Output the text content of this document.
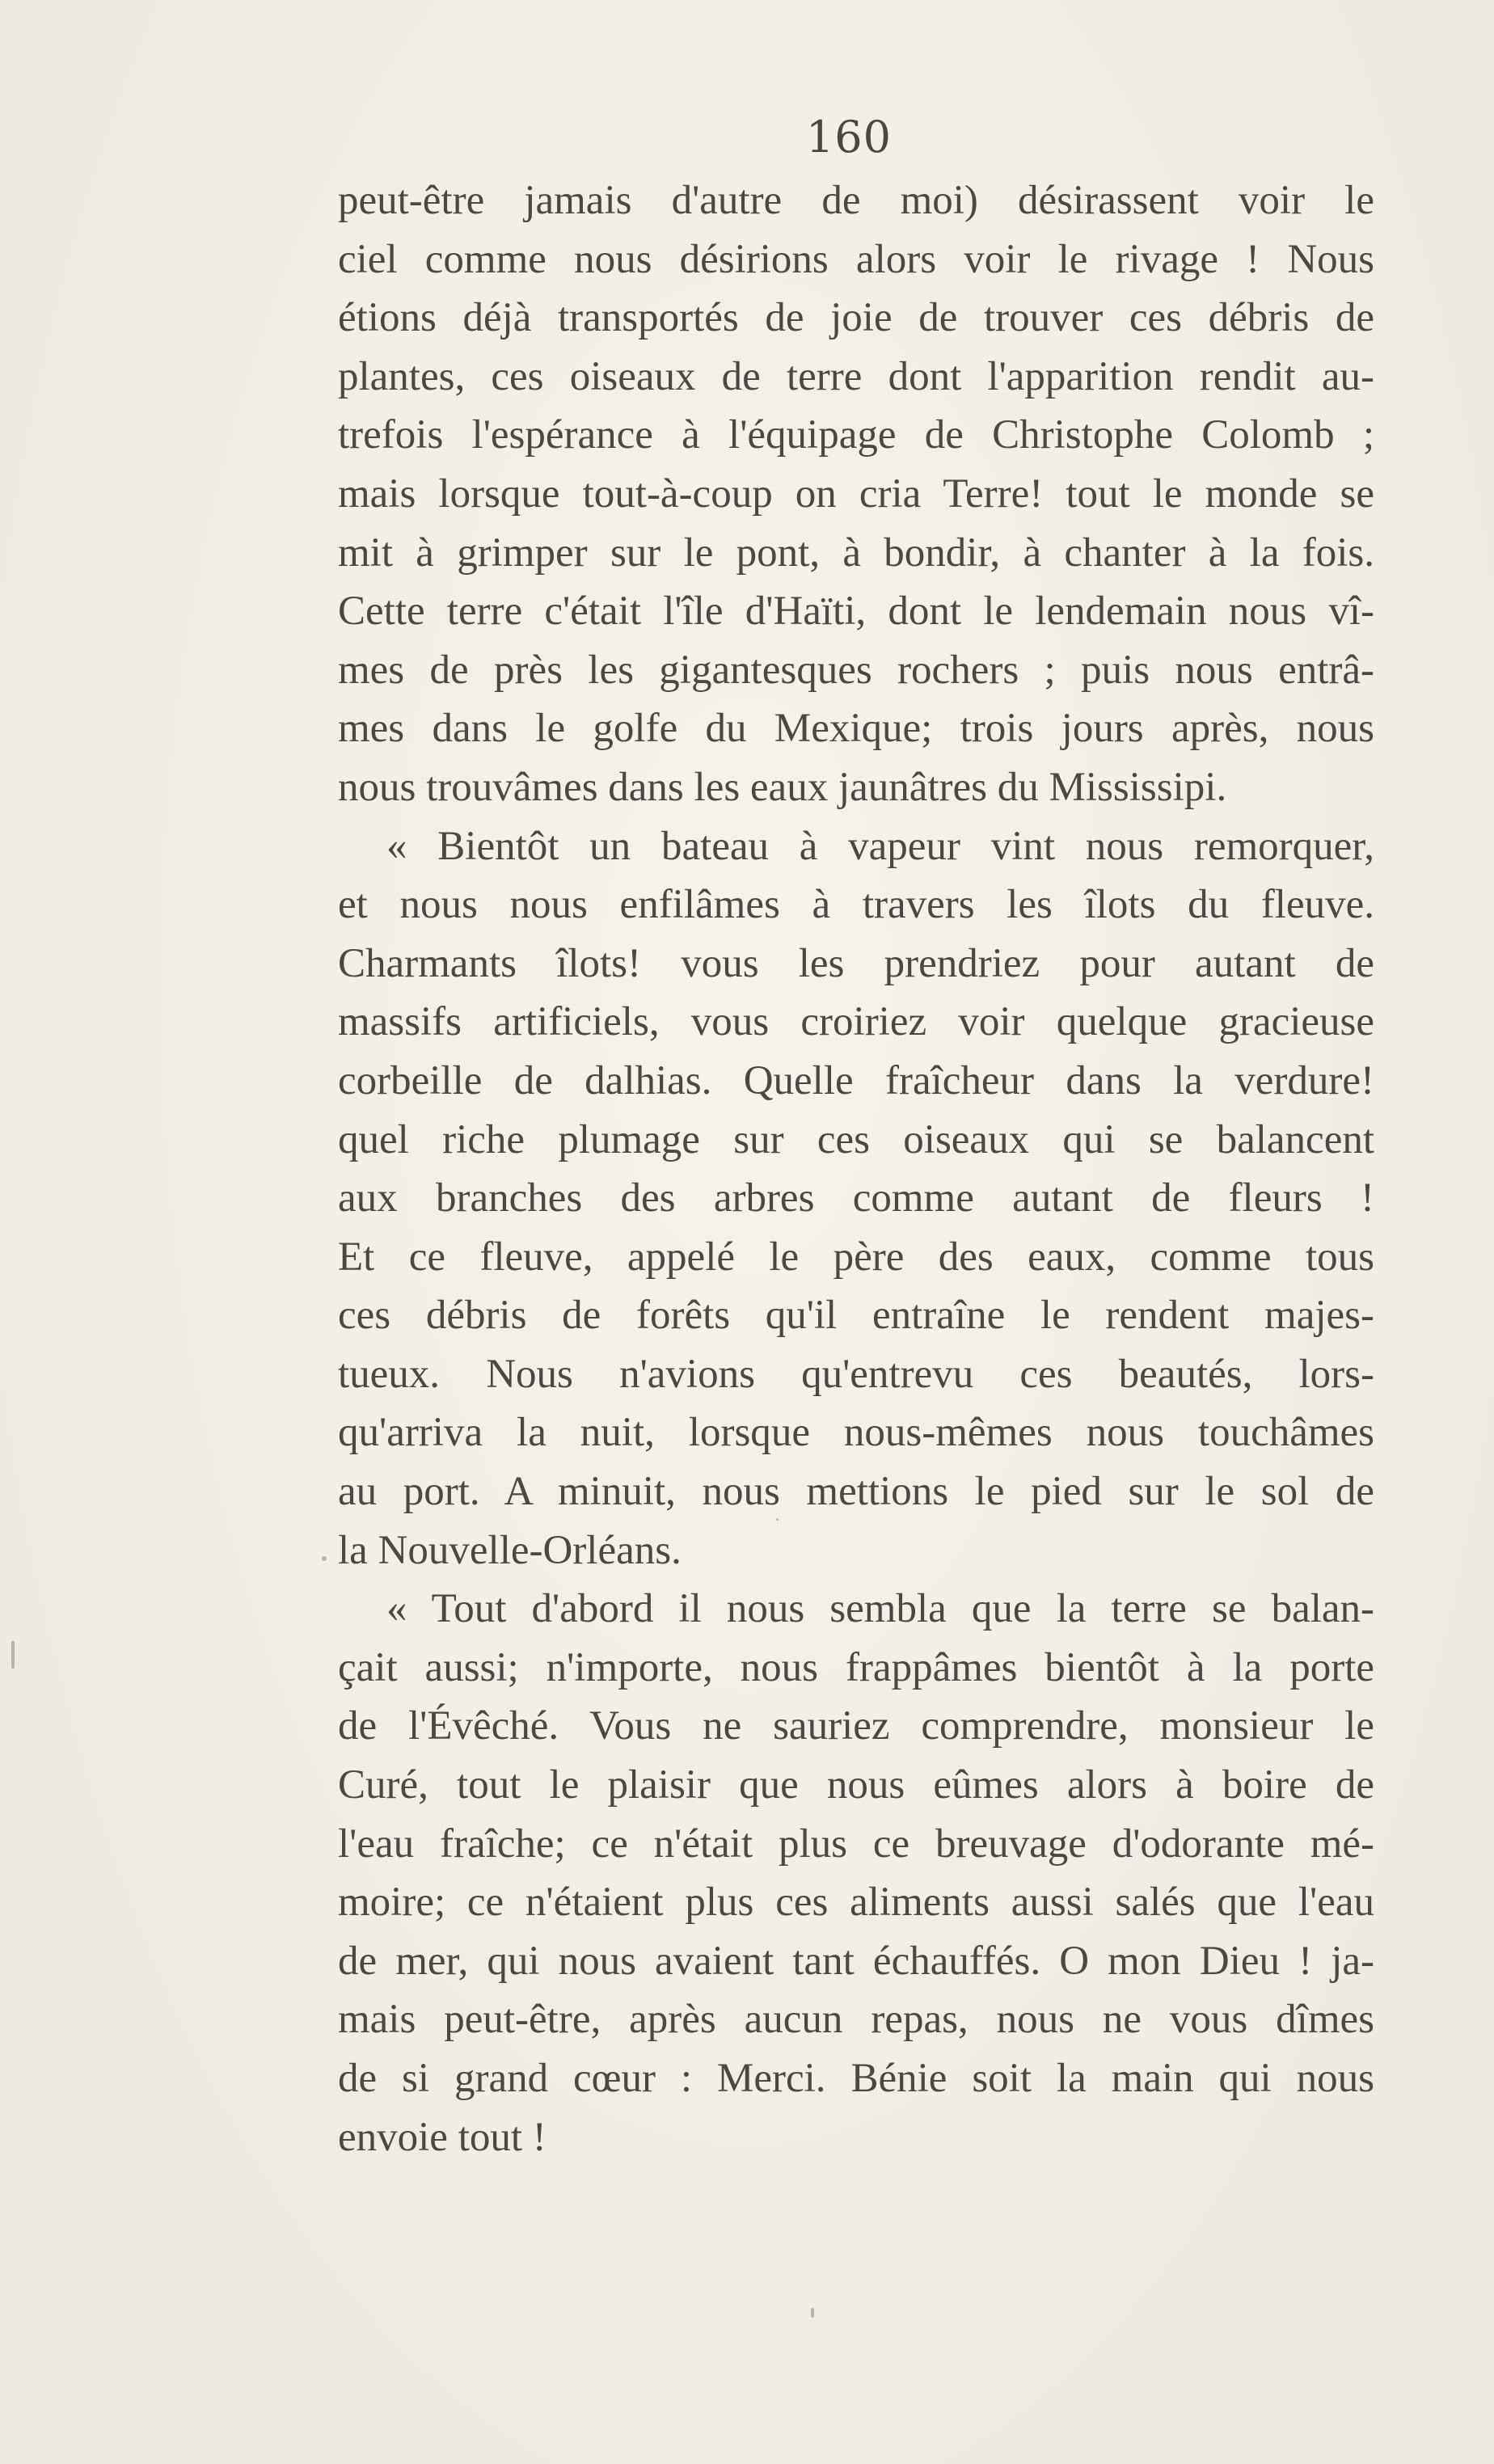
160
peut-être jamais d'autre de moi) désirassent voir le
ciel comme nous désirions alors voir le rivage ! Nous
étions déjà transportés de joie de trouver ces débris de
plantes, ces oiseaux de terre dont l'apparition rendit au-
trefois l'espérance à l'équipage de Christophe Colomb ;
mais lorsque tout-à-coup on cria Terre! tout le monde se
mit à grimper sur le pont, à bondir, à chanter à la fois.
Cette terre c'était l'île d'Haïti, dont le lendemain nous vî-
mes de près les gigantesques rochers ; puis nous entrâ-
mes dans le golfe du Mexique; trois jours après, nous
nous trouvâmes dans les eaux jaunâtres du Mississipi.
« Bientôt un bateau à vapeur vint nous remorquer,
et nous nous enfilâmes à travers les îlots du fleuve.
Charmants îlots! vous les prendriez pour autant de
massifs artificiels, vous croiriez voir quelque gracieuse
corbeille de dalhias. Quelle fraîcheur dans la verdure!
quel riche plumage sur ces oiseaux qui se balancent
aux branches des arbres comme autant de fleurs !
Et ce fleuve, appelé le père des eaux, comme tous
ces débris de forêts qu'il entraîne le rendent majes-
tueux. Nous n'avions qu'entrevu ces beautés, lors-
qu'arriva la nuit, lorsque nous-mêmes nous touchâmes
au port. A minuit, nous mettions le pied sur le sol de
la Nouvelle-Orléans.
« Tout d'abord il nous sembla que la terre se balan-
çait aussi; n'importe, nous frappâmes bientôt à la porte
de l'Évêché. Vous ne sauriez comprendre, monsieur le
Curé, tout le plaisir que nous eûmes alors à boire de
l'eau fraîche; ce n'était plus ce breuvage d'odorante mé-
moire; ce n'étaient plus ces aliments aussi salés que l'eau
de mer, qui nous avaient tant échauffés. O mon Dieu ! ja-
mais peut-être, après aucun repas, nous ne vous dîmes
de si grand cœur : Merci. Bénie soit la main qui nous
envoie tout !
